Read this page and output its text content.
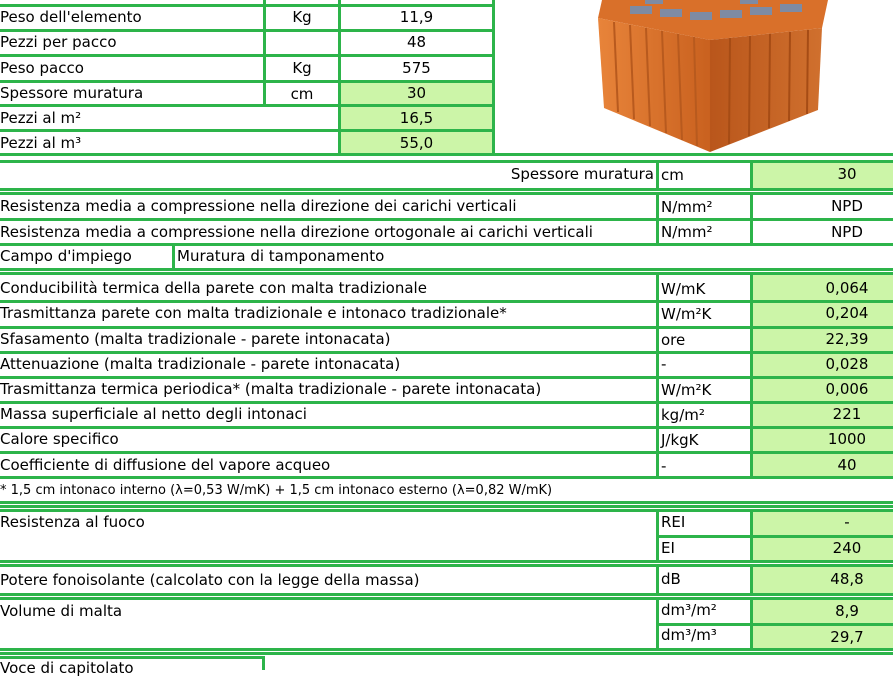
Peso dell'elemento	Kg	11,9
Pezzi per pacco	48
Peso pacco	Kg	575
Spessore muratura	cm	30
Pezzi al m²	16,5
Pezzi al m³	55,0
Spessore muratura cm	30
Resistenza media a compressione nella direzione dei carichi verticali	N/mm²	NPD
Resistenza media a compressione nella direzione ortogonale ai carichi verticali	N/mm²	NPD
Campo d'impiego	Muratura di tamponamento
Conducibilità termica della parete con malta tradizionale	W/mK	0,064
Trasmittanza parete con malta tradizionale e intonaco tradizionale*	W/m²K	0,204
Sfasamento (malta tradizionale - parete intonacata)	ore	22,39
Attenuazione (malta tradizionale - parete intonacata)	-	0,028
Trasmittanza termica periodica* (malta tradizionale - parete intonacata)	W/m²K	0,006
Massa superficiale al netto degli intonaci	kg/m²	221
Calore specifico	J/kgK	1000
Coefficiente di diffusione del vapore acqueo	-	40
* 1,5 cm intonaco interno (λ=0,53 W/mK) + 1,5 cm intonaco esterno (λ=0,82 W/mK)
Resistenza al fuoco	REI	-
EI	240
Potere fonoisolante (calcolato con la legge della massa)	dB	48,8
Volume di malta	dm³/m²	8,9
dm³/m³	29,7
Voce di capitolato
